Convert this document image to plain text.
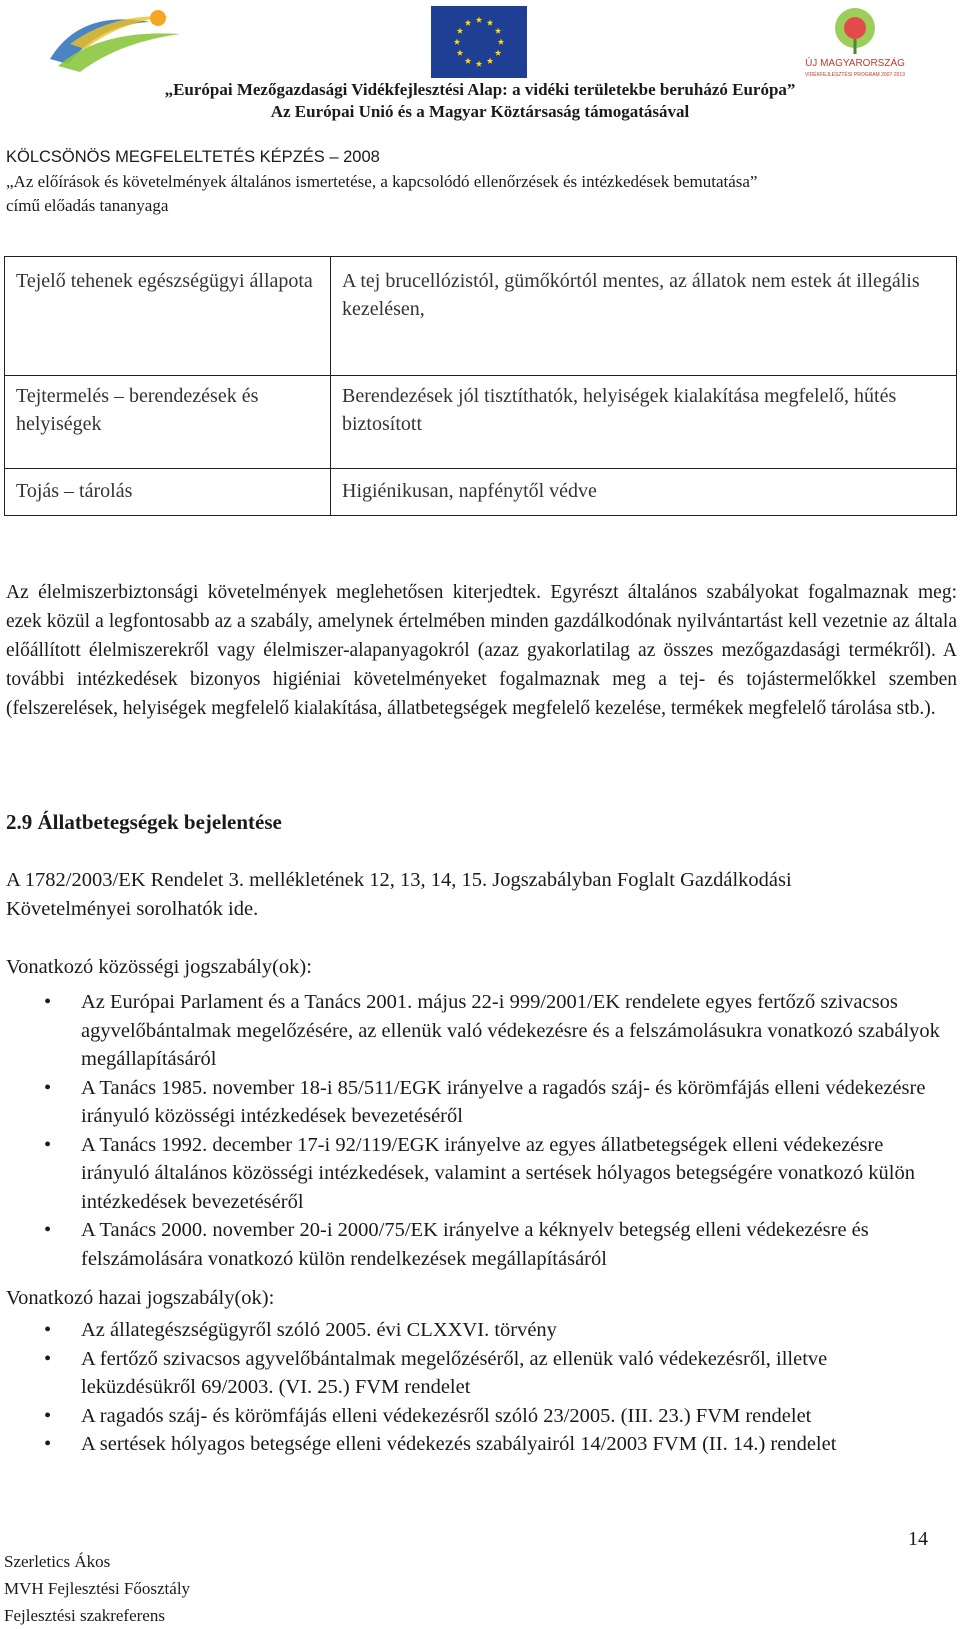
ÚJ MAGYARORSZÁG
VIDÉKFEJLESZTÉSI PROGRAM 2007-2013
„Európai Mezőgazdasági Vidékfejlesztési Alap: a vidéki területekbe beruházó Európa”
Az Európai Unió és a Magyar Köztársaság támogatásával
KÖLCSÖNÖS MEGFELELTETÉS KÉPZÉS – 2008
„Az előírások és követelmények általános ismertetése, a kapcsolódó ellenőrzések és intézkedések bemutatása”
című előadás tananyaga
Tejelő tehenek egészségügyi állapota	A tej brucellózistól, gümőkórtól mentes, az állatok nem estek át illegális kezelésen,
Tejtermelés – berendezések és helyiségek	Berendezések jól tisztíthatók, helyiségek kialakítása megfelelő, hűtés biztosított
Tojás – tárolás	Higiénikusan, napfénytől védve
Az élelmiszerbiztonsági követelmények meglehetősen kiterjedtek. Egyrészt általános szabályokat fogalmaznak meg: ezek közül a legfontosabb az a szabály, amelynek értelmében minden gazdálkodónak nyilvántartást kell vezetnie az általa előállított élelmiszerekről vagy élelmiszer-alapanyagokról (azaz gyakorlatilag az összes mezőgazdasági termékről). A további intézkedések bizonyos higiéniai követelményeket fogalmaznak meg a tej- és tojástermelőkkel szemben (felszerelések, helyiségek megfelelő kialakítása, állatbetegségek megfelelő kezelése, termékek megfelelő tárolása stb.).
2.9 Állatbetegségek bejelentése
A 1782/2003/EK Rendelet 3. mellékletének 12, 13, 14, 15. Jogszabályban Foglalt Gazdálkodási Követelményei sorolhatók ide.
Vonatkozó közösségi jogszabály(ok):
• Az Európai Parlament és a Tanács 2001. május 22-i 999/2001/EK rendelete egyes fertőző szivacsos agyvelőbántalmak megelőzésére, az ellenük való védekezésre és a felszámolásukra vonatkozó szabályok megállapításáról
• A Tanács 1985. november 18-i 85/511/EGK irányelve a ragadós száj- és körömfájás elleni védekezésre irányuló közösségi intézkedések bevezetéséről
• A Tanács 1992. december 17-i 92/119/EGK irányelve az egyes állatbetegségek elleni védekezésre irányuló általános közösségi intézkedések, valamint a sertések hólyagos betegségére vonatkozó külön intézkedések bevezetéséről
• A Tanács 2000. november 20-i 2000/75/EK irányelve a kéknyelv betegség elleni védekezésre és felszámolására vonatkozó külön rendelkezések megállapításáról
Vonatkozó hazai jogszabály(ok):
• Az állategészségügyről szóló 2005. évi CLXXVI. törvény
• A fertőző szivacsos agyvelőbántalmak megelőzéséről, az ellenük való védekezésről, illetve leküzdésükről 69/2003. (VI. 25.) FVM rendelet
• A ragadós száj- és körömfájás elleni védekezésről szóló 23/2005. (III. 23.) FVM rendelet
• A sertések hólyagos betegsége elleni védekezés szabályairól 14/2003 FVM (II. 14.) rendelet
Szerletics Ákos
MVH Fejlesztési Főosztály
Fejlesztési szakreferens
14
